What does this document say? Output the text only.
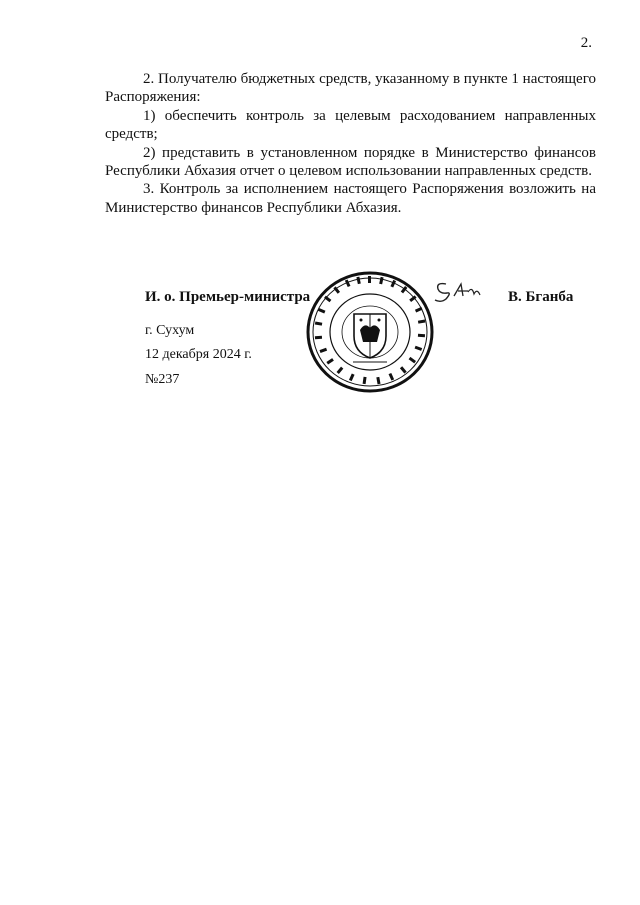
2.

2. Получателю бюджетных средств, указанному в пункте 1 настоящего Распоряжения:

1) обеспечить контроль за целевым расходованием направленных средств;

2) представить в установленном порядке в Министерство финансов Республики Абхазия отчет о целевом использовании направленных средств.

3. Контроль за исполнением настоящего Распоряжения возложить на Министерство финансов Республики Абхазия.

И. о. Премьер-министра	В. Бганба
г. Сухум
12 декабря 2024 г.
№237
